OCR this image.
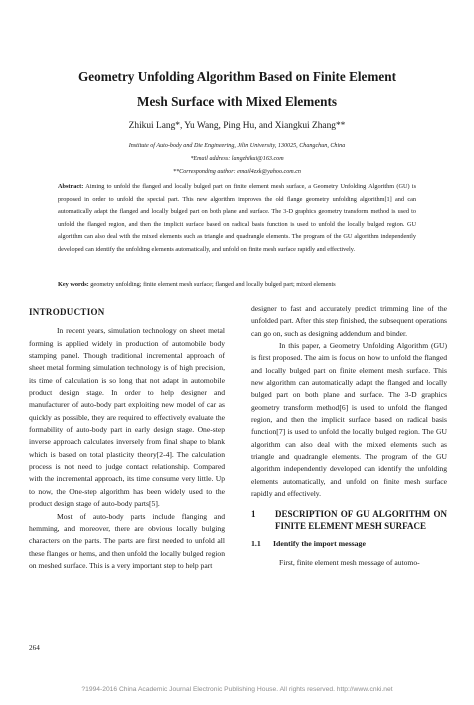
Geometry Unfolding Algorithm Based on Finite Element
Mesh Surface with Mixed Elements
Zhikui Lang*, Yu Wang, Ping Hu, and Xiangkui Zhang**
Institute of Auto-body and Die Engineering, Jilin University, 130025, Changchun, China
*Email address: langzhikui@163.com
**Corresponding author: email4zxk@yahoo.com.cn
Abstract: Aiming to unfold the flanged and locally bulged part on finite element mesh surface, a Geometry Unfolding Algorithm (GU) is proposed in order to unfold the special part. This new algorithm improves the old flange geometry unfolding algorithm[1] and can automatically adapt the flanged and locally bulged part on both plane and surface. The 3-D graphics geometry transform method is used to unfold the flanged region, and then the implicit surface based on radical basis function is used to unfold the locally bulged region. GU algorithm can also deal with the mixed elements such as triangle and quadrangle elements. The program of the GU algorithm independently developed can identify the unfolding elements automatically, and unfold on finite mesh surface rapidly and effectively.
Key words: geometry unfolding; finite element mesh surface; flanged and locally bulged part; mixed elements
INTRODUCTION

In recent years, simulation technology on sheet metal forming is applied widely in production of automobile body stamping panel. Though traditional incremental approach of sheet metal forming simulation technology is of high precision, its time of calculation is so long that not adapt in automobile product design stage. In order to help designer and manufacturer of auto-body part exploiting new model of car as quickly as possible, they are required to effectively evaluate the formability of auto-body part in early design stage. One-step inverse approach calculates inversely from final shape to blank which is based on total plasticity theory[2-4]. The calculation process is not need to judge contact relationship. Compared with the incremental approach, its time consume very little. Up to now, the One-step algorithm has been widely used to the product design stage of auto-body parts[5].

Most of auto-body parts include flanging and hemming, and moreover, there are obvious locally bulging characters on the parts. The parts are first needed to unfold all these flanges or hems, and then unfold the locally bulged region on meshed surface. This is a very important step to help part

designer to fast and accurately predict trimming line of the unfolded part. After this step finished, the subsequent operations can go on, such as designing addendum and binder.

In this paper, a Geometry Unfolding Algorithm (GU) is first proposed. The aim is focus on how to unfold the flanged and locally bulged part on finite element mesh surface. This new algorithm can automatically adapt the flanged and locally bulged part on both plane and surface. The 3-D graphics geometry transform method[6] is used to unfold the flanged region, and then the implicit surface based on radical basis function[7] is used to unfold the locally bulged region. The GU algorithm can also deal with the mixed elements such as triangle and quadrangle elements. The program of the GU algorithm independently developed can identify the unfolding elements automatically, and unfold on finite mesh surface rapidly and effectively.

1	DESCRIPTION OF GU ALGORITHM ON FINITE ELEMENT MESH SURFACE
1.1	Identify the import message

First, finite element mesh message of automo-

264
?1994-2016 China Academic Journal Electronic Publishing House. All rights reserved. http://www.cnki.net
